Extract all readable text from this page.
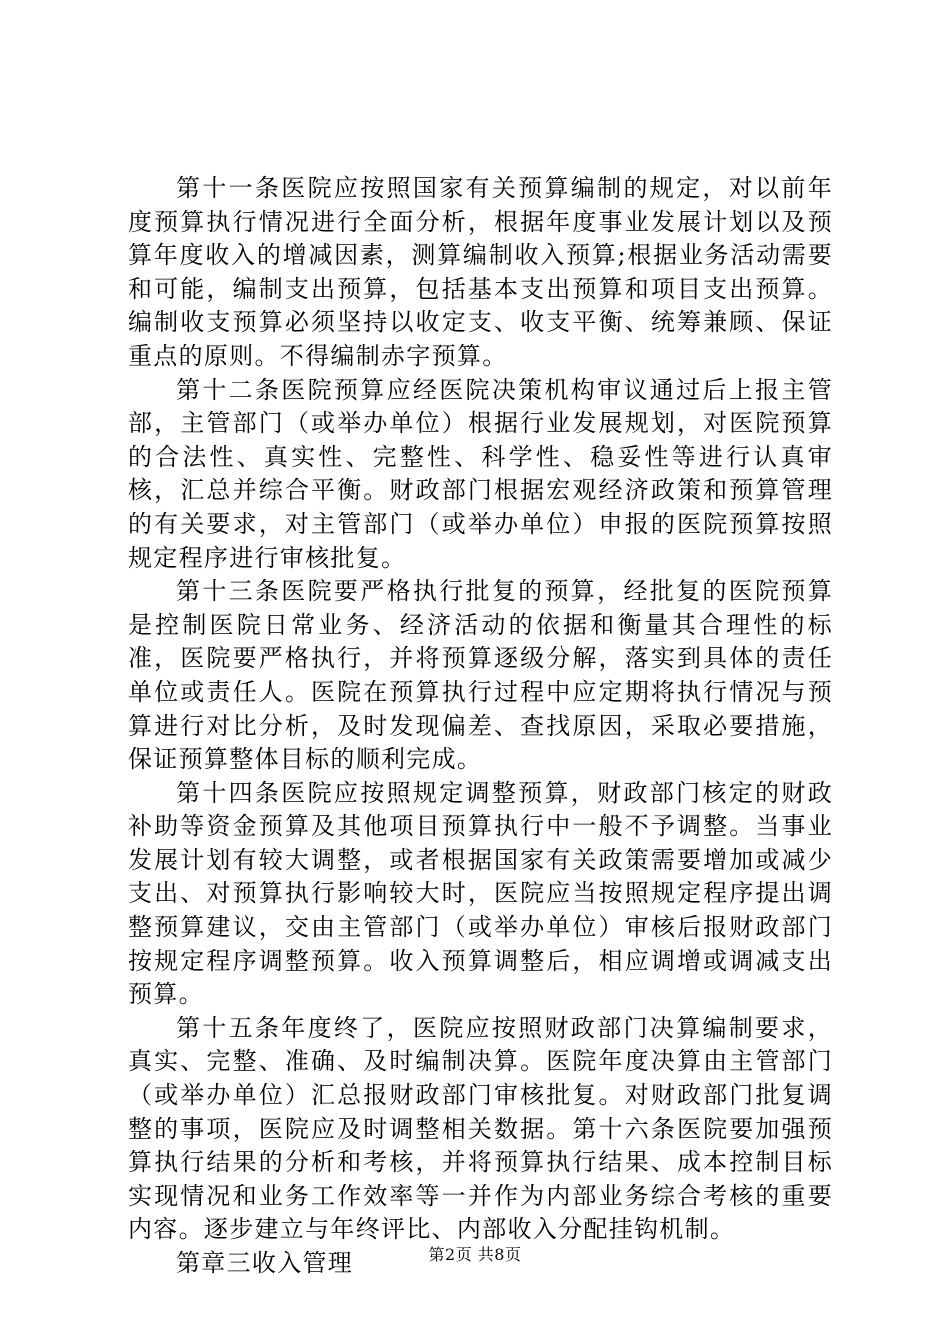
第十一条医院应按照国家有关预算编制的规定，对以前年度预算执行情况进行全面分析，根据年度事业发展计划以及预算年度收入的增减因素，测算编制收入预算;根据业务活动需要和可能，编制支出预算，包括基本支出预算和项目支出预算。编制收支预算必须坚持以收定支、收支平衡、统筹兼顾、保证重点的原则。不得编制赤字预算。

第十二条医院预算应经医院决策机构审议通过后上报主管部，主管部门（或举办单位）根据行业发展规划，对医院预算的合法性、真实性、完整性、科学性、稳妥性等进行认真审核，汇总并综合平衡。财政部门根据宏观经济政策和预算管理的有关要求，对主管部门（或举办单位）申报的医院预算按照规定程序进行审核批复。

第十三条医院要严格执行批复的预算，经批复的医院预算是控制医院日常业务、经济活动的依据和衡量其合理性的标准，医院要严格执行，并将预算逐级分解，落实到具体的责任单位或责任人。医院在预算执行过程中应定期将执行情况与预算进行对比分析，及时发现偏差、查找原因，采取必要措施，保证预算整体目标的顺利完成。

第十四条医院应按照规定调整预算，财政部门核定的财政补助等资金预算及其他项目预算执行中一般不予调整。当事业发展计划有较大调整，或者根据国家有关政策需要增加或减少支出、对预算执行影响较大时，医院应当按照规定程序提出调整预算建议，交由主管部门（或举办单位）审核后报财政部门按规定程序调整预算。收入预算调整后，相应调增或调减支出预算。

第十五条年度终了，医院应按照财政部门决算编制要求，真实、完整、准确、及时编制决算。医院年度决算由主管部门（或举办单位）汇总报财政部门审核批复。对财政部门批复调整的事项，医院应及时调整相关数据。第十六条医院要加强预算执行结果的分析和考核，并将预算执行结果、成本控制目标实现情况和业务工作效率等一并作为内部业务综合考核的重要内容。逐步建立与年终评比、内部收入分配挂钩机制。

第章三收入管理	第2页 共8页
